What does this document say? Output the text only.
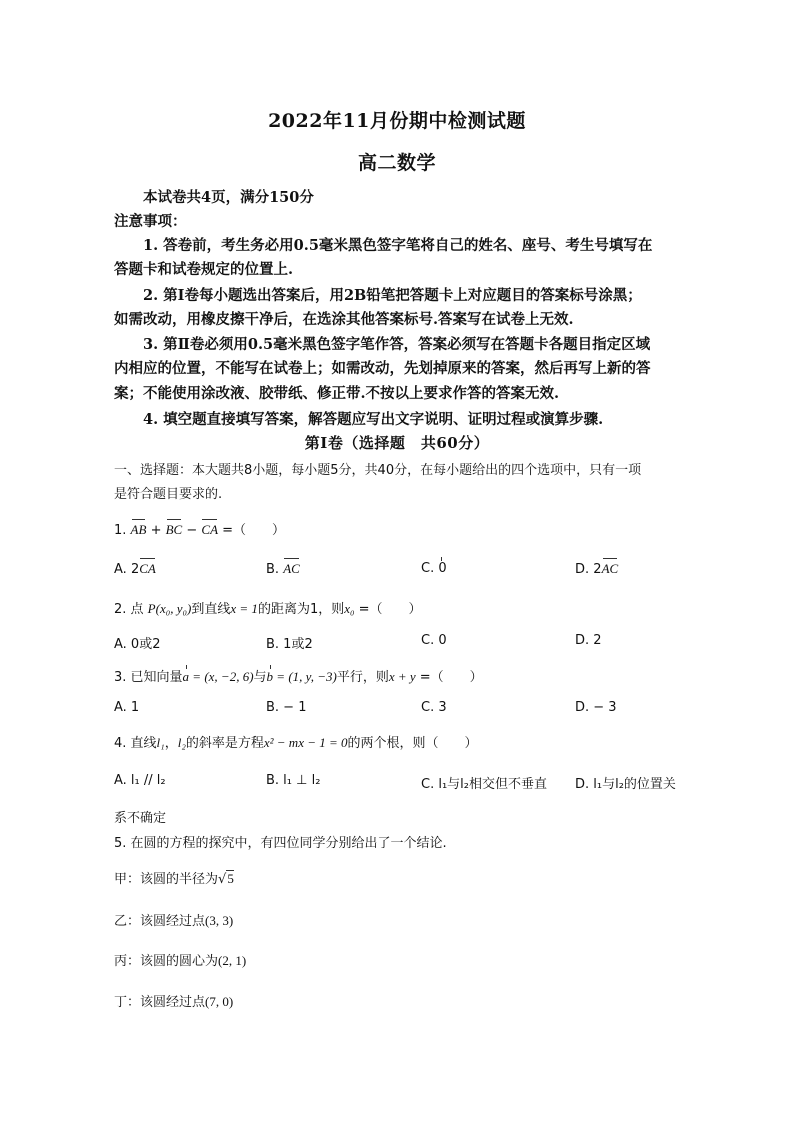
2022年11月份期中检测试题
高二数学
本试卷共4页，满分150分
注意事项：
1. 答卷前，考生务必用0.5毫米黑色签字笔将自己的姓名、座号、考生号填写在
答题卡和试卷规定的位置上.
2. 第Ⅰ卷每小题选出答案后，用2B铅笔把答题卡上对应题目的答案标号涂黑；
如需改动，用橡皮擦干净后，在选涂其他答案标号.答案写在试卷上无效.
3. 第Ⅱ卷必须用0.5毫米黑色签字笔作答，答案必须写在答题卡各题目指定区域
内相应的位置，不能写在试卷上；如需改动，先划掉原来的答案，然后再写上新的答
案；不能使用涂改液、胶带纸、修正带.不按以上要求作答的答案无效.
4. 填空题直接填写答案，解答题应写出文字说明、证明过程或演算步骤.
第Ⅰ卷（选择题　共60分）
一、选择题：本大题共8小题，每小题5分，共40分，在每小题给出的四个选项中，只有一项
是符合题目要求的.
1. AB + BC − CA =（　　）
A. 2CA	B. AC	C. 0	D. 2AC
2. 点 P(x₀, y₀)到直线x = 1的距离为1，则x₀ =（　　）
A. 0或2	B. 1或2	C. 0	D. 2
3. 已知向量a = (x, −2, 6)与b = (1, y, −3)平行，则x + y =（　　）
A. 1	B. − 1	C. 3	D. − 3
4. 直线l₁，l₂的斜率是方程x² − mx − 1 = 0的两个根，则（　　）
A. l₁ // l₂	B. l₁ ⊥ l₂	C. l₁与l₂相交但不垂直 D. l₁与l₂的位置关
系不确定
5. 在圆的方程的探究中，有四位同学分别给出了一个结论.
甲：该圆的半径为√5
乙：该圆经过点(3, 3)
丙：该圆的圆心为(2, 1)
丁：该圆经过点(7, 0)
